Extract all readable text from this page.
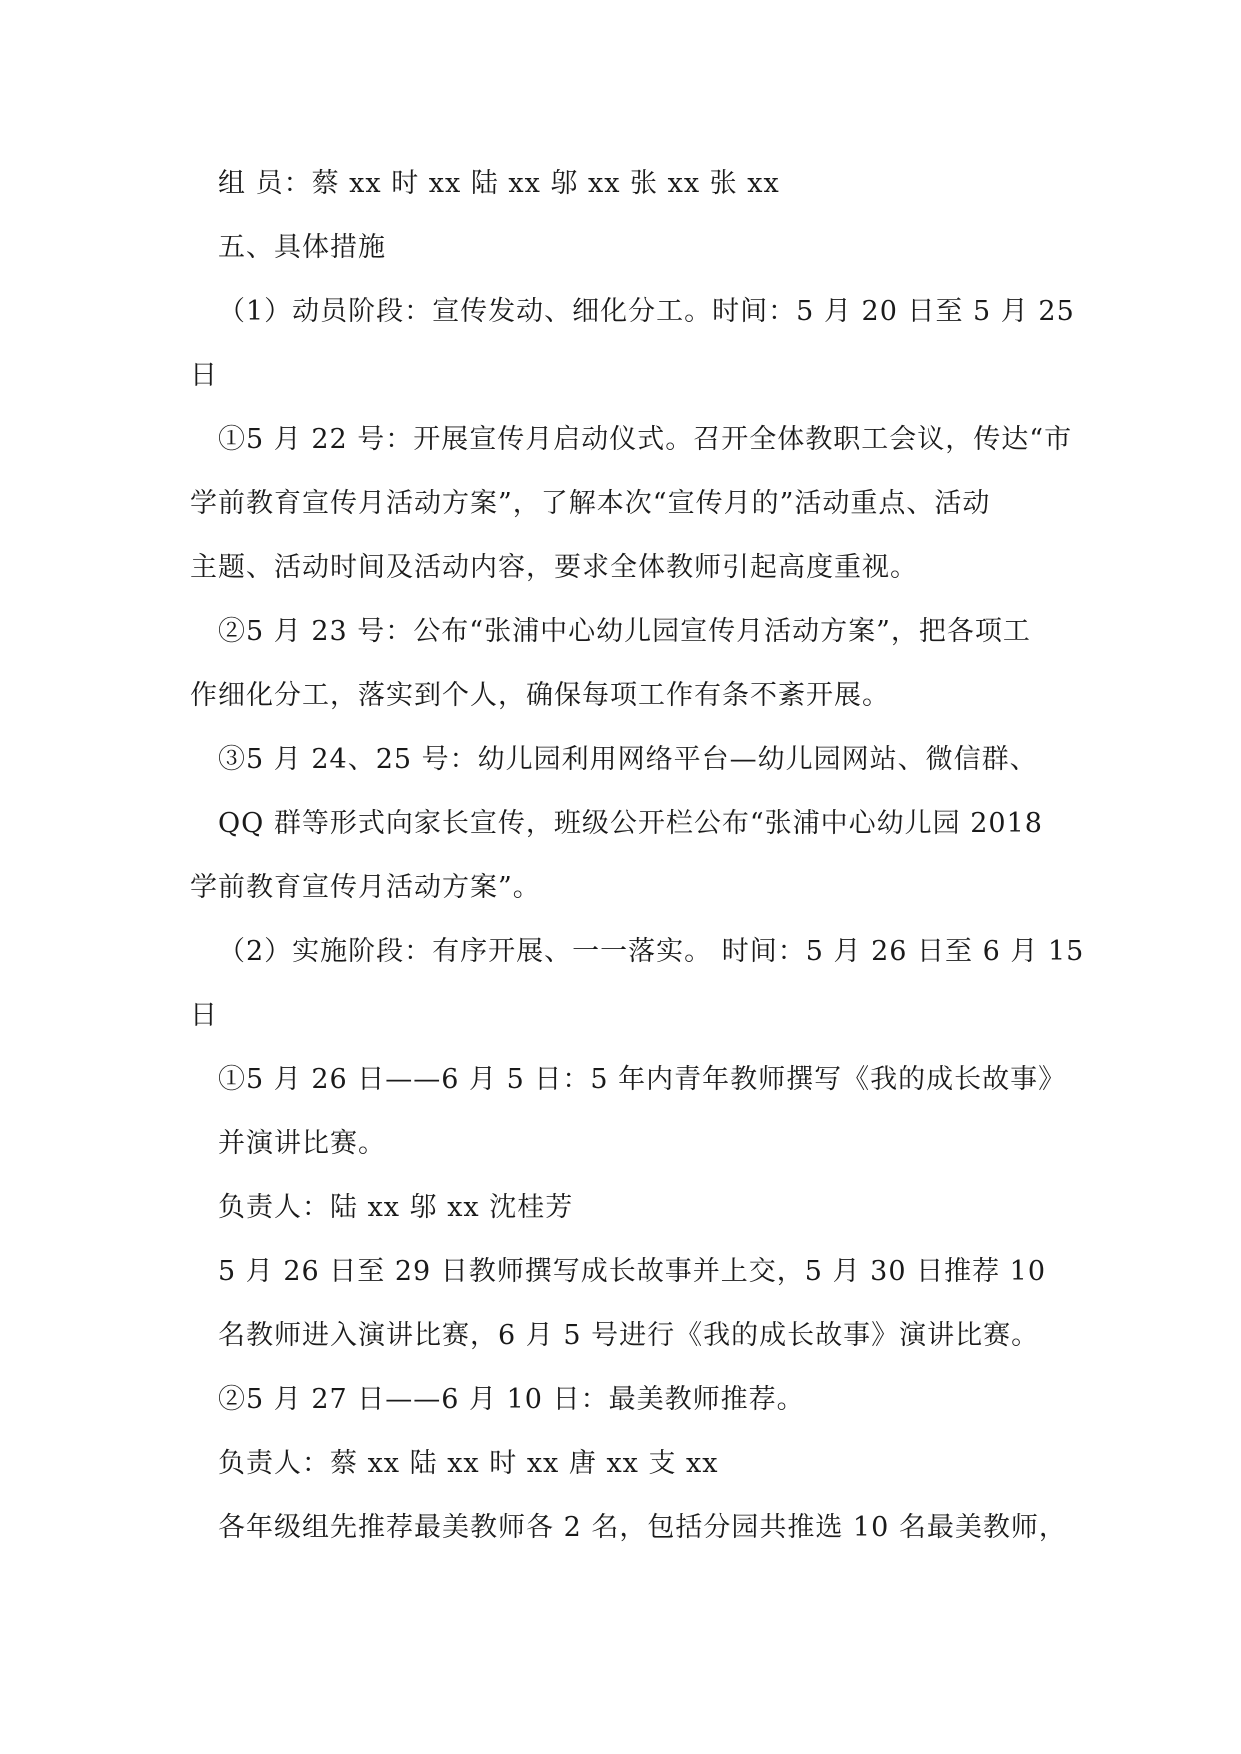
组 员：蔡 xx 时 xx 陆 xx 邬 xx 张 xx 张 xx
五、具体措施
（1）动员阶段：宣传发动、细化分工。时间：5 月 20 日至 5 月 25
日
①5 月 22 号：开展宣传月启动仪式。召开全体教职工会议，传达“市
学前教育宣传月活动方案”，了解本次“宣传月的”活动重点、活动
主题、活动时间及活动内容，要求全体教师引起高度重视。
②5 月 23 号：公布“张浦中心幼儿园宣传月活动方案”，把各项工
作细化分工，落实到个人，确保每项工作有条不紊开展。
③5 月 24、25 号：幼儿园利用网络平台—幼儿园网站、微信群、
QQ 群等形式向家长宣传，班级公开栏公布“张浦中心幼儿园 2018
学前教育宣传月活动方案”。
（2）实施阶段：有序开展、一一落实。 时间：5 月 26 日至 6 月 15
日
①5 月 26 日——6 月 5 日：5 年内青年教师撰写《我的成长故事》
并演讲比赛。
负责人：陆 xx 邬 xx 沈桂芳
5 月 26 日至 29 日教师撰写成长故事并上交，5 月 30 日推荐 10
名教师进入演讲比赛，6 月 5 号进行《我的成长故事》演讲比赛。
②5 月 27 日——6 月 10 日：最美教师推荐。
负责人：蔡 xx 陆 xx 时 xx 唐 xx 支 xx
各年级组先推荐最美教师各 2 名，包括分园共推选 10 名最美教师，
